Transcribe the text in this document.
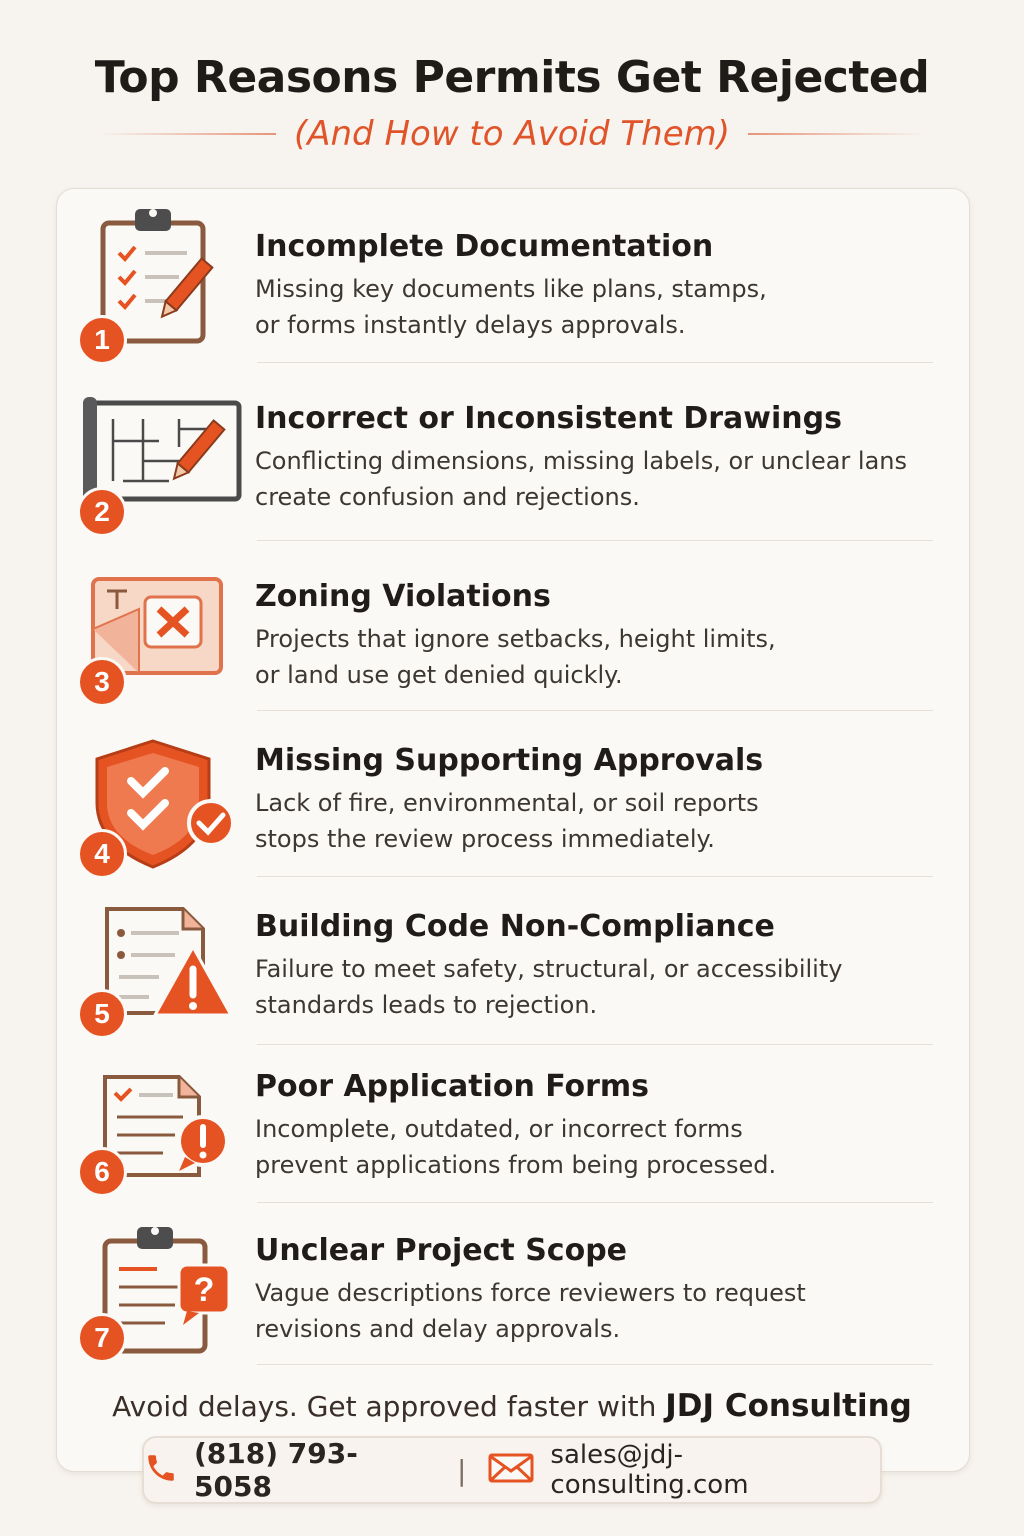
Top Reasons Permits Get Rejected
(And How to Avoid Them)
1
Incomplete Documentation
Missing key documents like plans, stamps,
or forms instantly delays approvals.
2
Incorrect or Inconsistent Drawings
Conflicting dimensions, missing labels, or unclear lans
create confusion and rejections.
3
Zoning Violations
Projects that ignore setbacks, height limits,
or land use get denied quickly.
4
Missing Supporting Approvals
Lack of fire, environmental, or soil reports
stops the review process immediately.
5
Building Code Non-Compliance
Failure to meet safety, structural, or accessibility
standards leads to rejection.
6
Poor Application Forms
Incomplete, outdated, or incorrect forms
prevent applications from being processed.
?
7
Unclear Project Scope
Vague descriptions force reviewers to request
revisions and delay approvals.
Avoid delays. Get approved faster with JDJ Consulting
(818) 793-5058	|	sales@jdj-consulting.com
